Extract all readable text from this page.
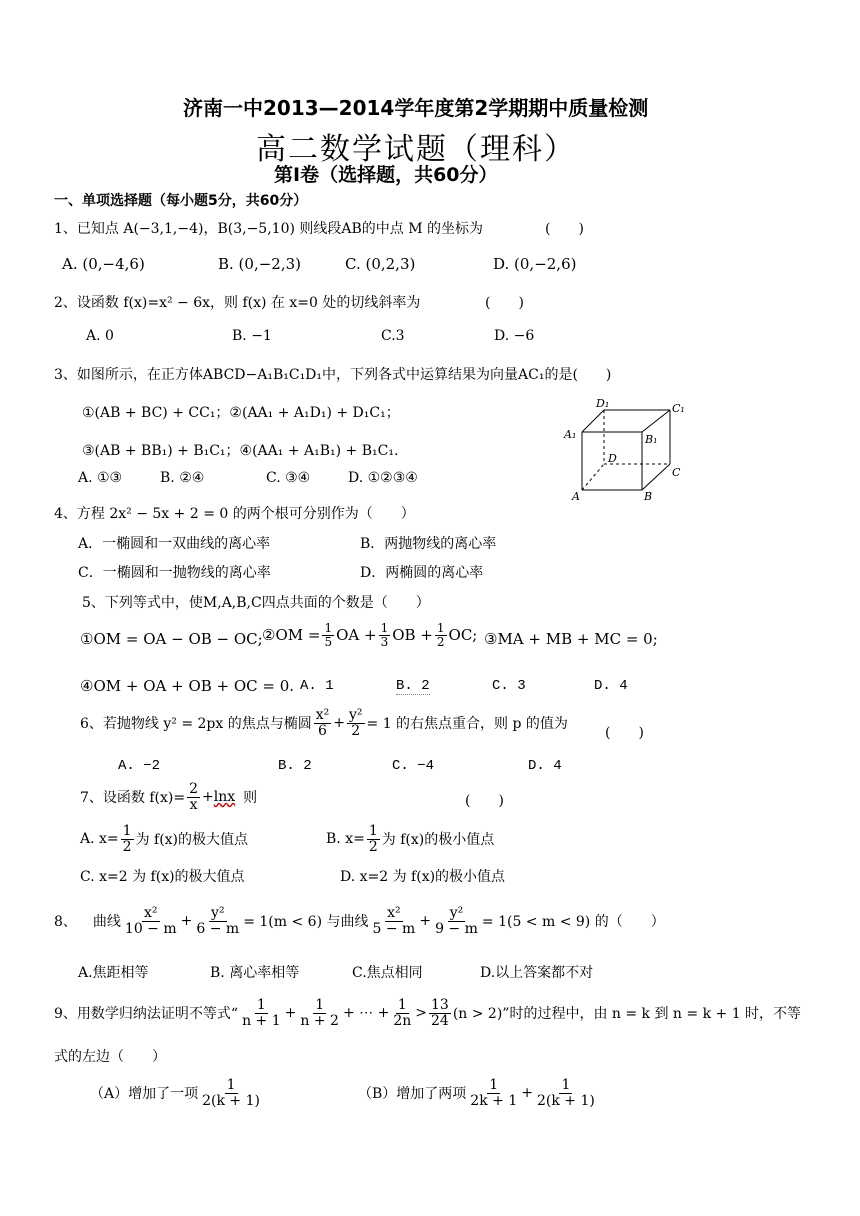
济南一中2013—2014学年度第2学期期中质量检测
高二数学试题（理科）
第Ⅰ卷（选择题，共60分）
一、单项选择题（每小题5分，共60分）
1、已知点 A(−3,1,−4)，B(3,−5,10) 则线段AB的中点 M 的坐标为	(　　)
A. (0,−4,6)	B. (0,−2,3)	C. (0,2,3)	D. (0,−2,6)
2、设函数 f(x)=x² − 6x，则 f(x) 在 x=0 处的切线斜率为	(　　)
A. 0	B. −1	C.3	D. −6
3、如图所示，在正方体ABCD−A₁B₁C₁D₁中，下列各式中运算结果为向量AC₁的是(　　)
①(AB + BC) + CC₁；②(AA₁ + A₁D₁) + D₁C₁；
③(AB + BB₁) + B₁C₁；④(AA₁ + A₁B₁) + B₁C₁.
A. ①③	B. ②④	C. ③④	D. ①②③④
D₁	C₁
A₁	B₁
D
C
A	B
4、方程 2x² − 5x + 2 = 0 的两个根可分别作为（　　）
A．一椭圆和一双曲线的离心率	B．两抛物线的离心率
C．一椭圆和一抛物线的离心率	D．两椭圆的离心率
5、下列等式中，使M,A,B,C四点共面的个数是（　　）
①OM = OA − OB − OC; ②OM = $\frac{1}{5}$ OA + $\frac{1}{3}$ OB + $\frac{1}{2}$ OC; ③MA + MB + MC = 0;
④OM + OA + OB + OC = 0. A. 1	B. 2	C. 3	D. 4
6、若抛物线 y² = 2px 的焦点与椭圆 $\frac{\text{x²}}{6} + \frac{\text{y²}}{2} = 1$ 的右焦点重合，则 p 的值为
(　　)
A. −2	B. 2	C. −4	D. 4
7、设函数 $f(x)= \frac{2}{x} + \ln x$ 则	(　　)
A. $x= \frac{1}{2}$ 为 f(x)的极大值点	B. $x= \frac{1}{2}$ 为 f(x)的极小值点
C. x=2 为 f(x)的极大值点	D. x=2 为 f(x)的极小值点
8、 曲线 $\frac{\text{x²}}{10 - m} + \frac{\text{y²}}{6 - m} = 1(m < 6)$ 与曲线 $\frac{\text{x²}}{5 - m} + \frac{\text{y²}}{9 - m} = 1(5 < m < 9)$ 的（　　）
A.焦距相等	B. 离心率相等	C.焦点相同	D.以上答案都不对
9、用数学归纳法证明不等式“ $\frac{1}{n + 1} + \frac{1}{n + 2}$ + ⋯ + $\frac{1}{2n} > \frac{13}{24} (n > 2)$”时的过程中，由 n = k 到 n = k + 1 时，不等
式的左边（　　）
（A）增加了一项 $\frac{1}{2(k + 1)}$	（B）增加了两项 $\frac{1}{2k + 1} + \frac{1}{2(k + 1)}$
